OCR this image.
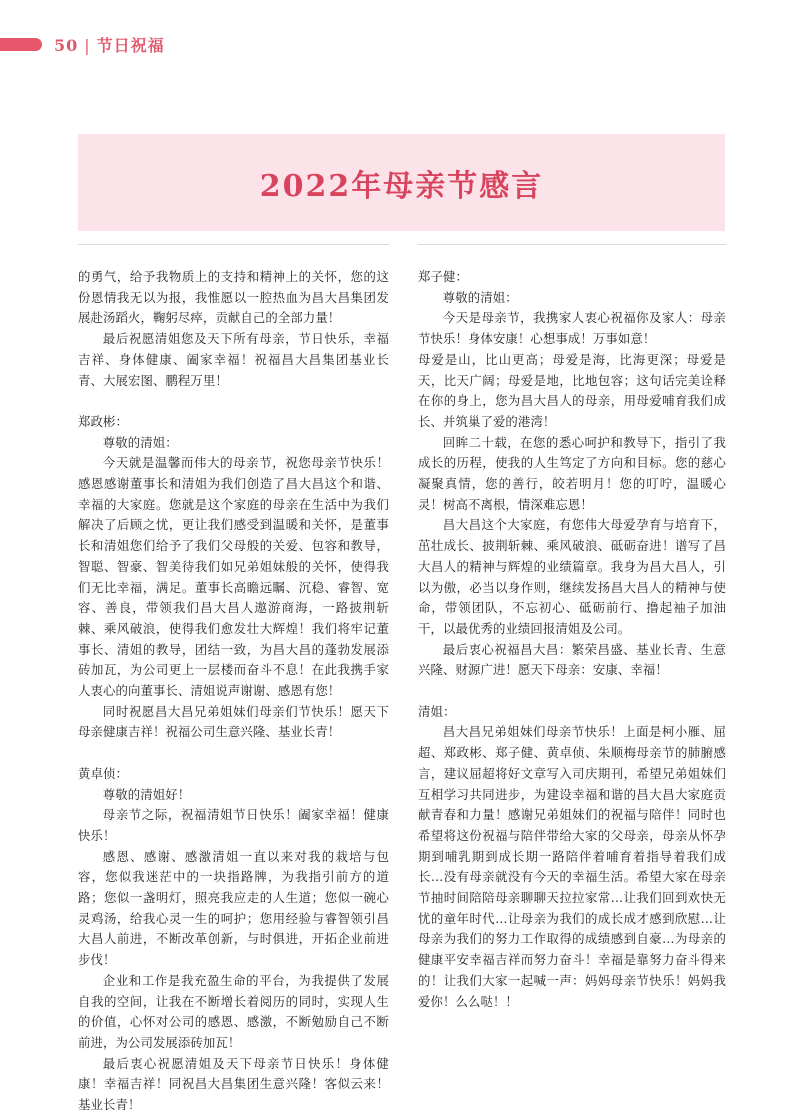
50 | 节日祝福
2022年母亲节感言

的勇气，给予我物质上的支持和精神上的关怀，您的这份恩情我无以为报，我惟愿以一腔热血为昌大昌集团发展赴汤蹈火，鞠躬尽瘁，贡献自己的全部力量！

最后祝愿清姐您及天下所有母亲，节日快乐，幸福吉祥、身体健康、阖家幸福！祝福昌大昌集团基业长青、大展宏图、鹏程万里！

郑政彬：

尊敬的清姐：

今天就是温馨而伟大的母亲节，祝您母亲节快乐！感恩感谢董事长和清姐为我们创造了昌大昌这个和谐、幸福的大家庭。您就是这个家庭的母亲在生活中为我们解决了后顾之忧，更让我们感受到温暖和关怀，是董事长和清姐您们给予了我们父母般的关爱、包容和教导，智聪、智豪、智美待我们如兄弟姐妹般的关怀，使得我们无比幸福，满足。董事长高瞻远瞩、沉稳、睿智、宽容、善良，带领我们昌大昌人遨游商海，一路披荆斩棘、乘风破浪，使得我们愈发壮大辉煌！我们将牢记董事长、清姐的教导，团结一致，为昌大昌的蓬勃发展添砖加瓦，为公司更上一层楼而奋斗不息！在此我携手家人衷心的向董事长、清姐说声谢谢、感恩有您！

同时祝愿昌大昌兄弟姐妹们母亲们节快乐！愿天下母亲健康吉祥！祝福公司生意兴隆、基业长青！

黄卓侦：

尊敬的清姐好！

母亲节之际，祝福清姐节日快乐！阖家幸福！健康快乐！

感恩、感谢、感激清姐一直以来对我的栽培与包容，您似我迷茫中的一块指路牌，为我指引前方的道路；您似一盏明灯，照亮我应走的人生道；您似一碗心灵鸡汤，给我心灵一生的呵护；您用经验与睿智领引昌大昌人前进，不断改革创新，与时俱进，开拓企业前进步伐！

企业和工作是我充盈生命的平台，为我提供了发展自我的空间，让我在不断增长着阅历的同时，实现人生的价值，心怀对公司的感恩、感激，不断勉励自己不断前进，为公司发展添砖加瓦！

最后衷心祝愿清姐及天下母亲节日快乐！身体健康！幸福吉祥！同祝昌大昌集团生意兴隆！客似云来！基业长青！

郑子健：

尊敬的清姐：

今天是母亲节，我携家人衷心祝福你及家人：母亲节快乐！身体安康！心想事成！万事如意！

母爱是山，比山更高；母爱是海，比海更深；母爱是天，比天广阔；母爱是地，比地包容；这句话完美诠释在你的身上，您为昌大昌人的母亲，用母爱哺育我们成长、并筑巢了爱的港湾！

回眸二十载，在您的悉心呵护和教导下，指引了我成长的历程，使我的人生笃定了方向和目标。您的慈心凝聚真情，您的善行，皎若明月！您的叮咛，温暖心灵！树高不离根，情深难忘恩！

昌大昌这个大家庭，有您伟大母爱孕育与培育下，茁壮成长、披荆斩棘、乘风破浪、砥砺奋进！谱写了昌大昌人的精神与辉煌的业绩篇章。我身为昌大昌人，引以为傲，必当以身作则，继续发扬昌大昌人的精神与使命，带领团队，不忘初心、砥砺前行、撸起袖子加油干，以最优秀的业绩回报清姐及公司。

最后衷心祝福昌大昌：繁荣昌盛、基业长青、生意兴隆、财源广进！愿天下母亲：安康、幸福！

清姐：

昌大昌兄弟姐妹们母亲节快乐！上面是柯小雁、屈超、郑政彬、郑子健、黄卓侦、朱顺梅母亲节的肺腑感言，建议屈超将好文章写入司庆期刊，希望兄弟姐妹们互相学习共同进步，为建设幸福和谐的昌大昌大家庭贡献青春和力量！感谢兄弟姐妹们的祝福与陪伴！同时也希望将这份祝福与陪伴带给大家的父母亲，母亲从怀孕期到哺乳期到成长期一路陪伴着哺育着指导着我们成长…没有母亲就没有今天的幸福生活。希望大家在母亲节抽时间陪陪母亲聊聊天拉拉家常…让我们回到欢快无忧的童年时代…让母亲为我们的成长成才感到欣慰…让母亲为我们的努力工作取得的成绩感到自豪…为母亲的健康平安幸福吉祥而努力奋斗！幸福是靠努力奋斗得来的！让我们大家一起喊一声：妈妈母亲节快乐！妈妈我爱你！么么哒！！
